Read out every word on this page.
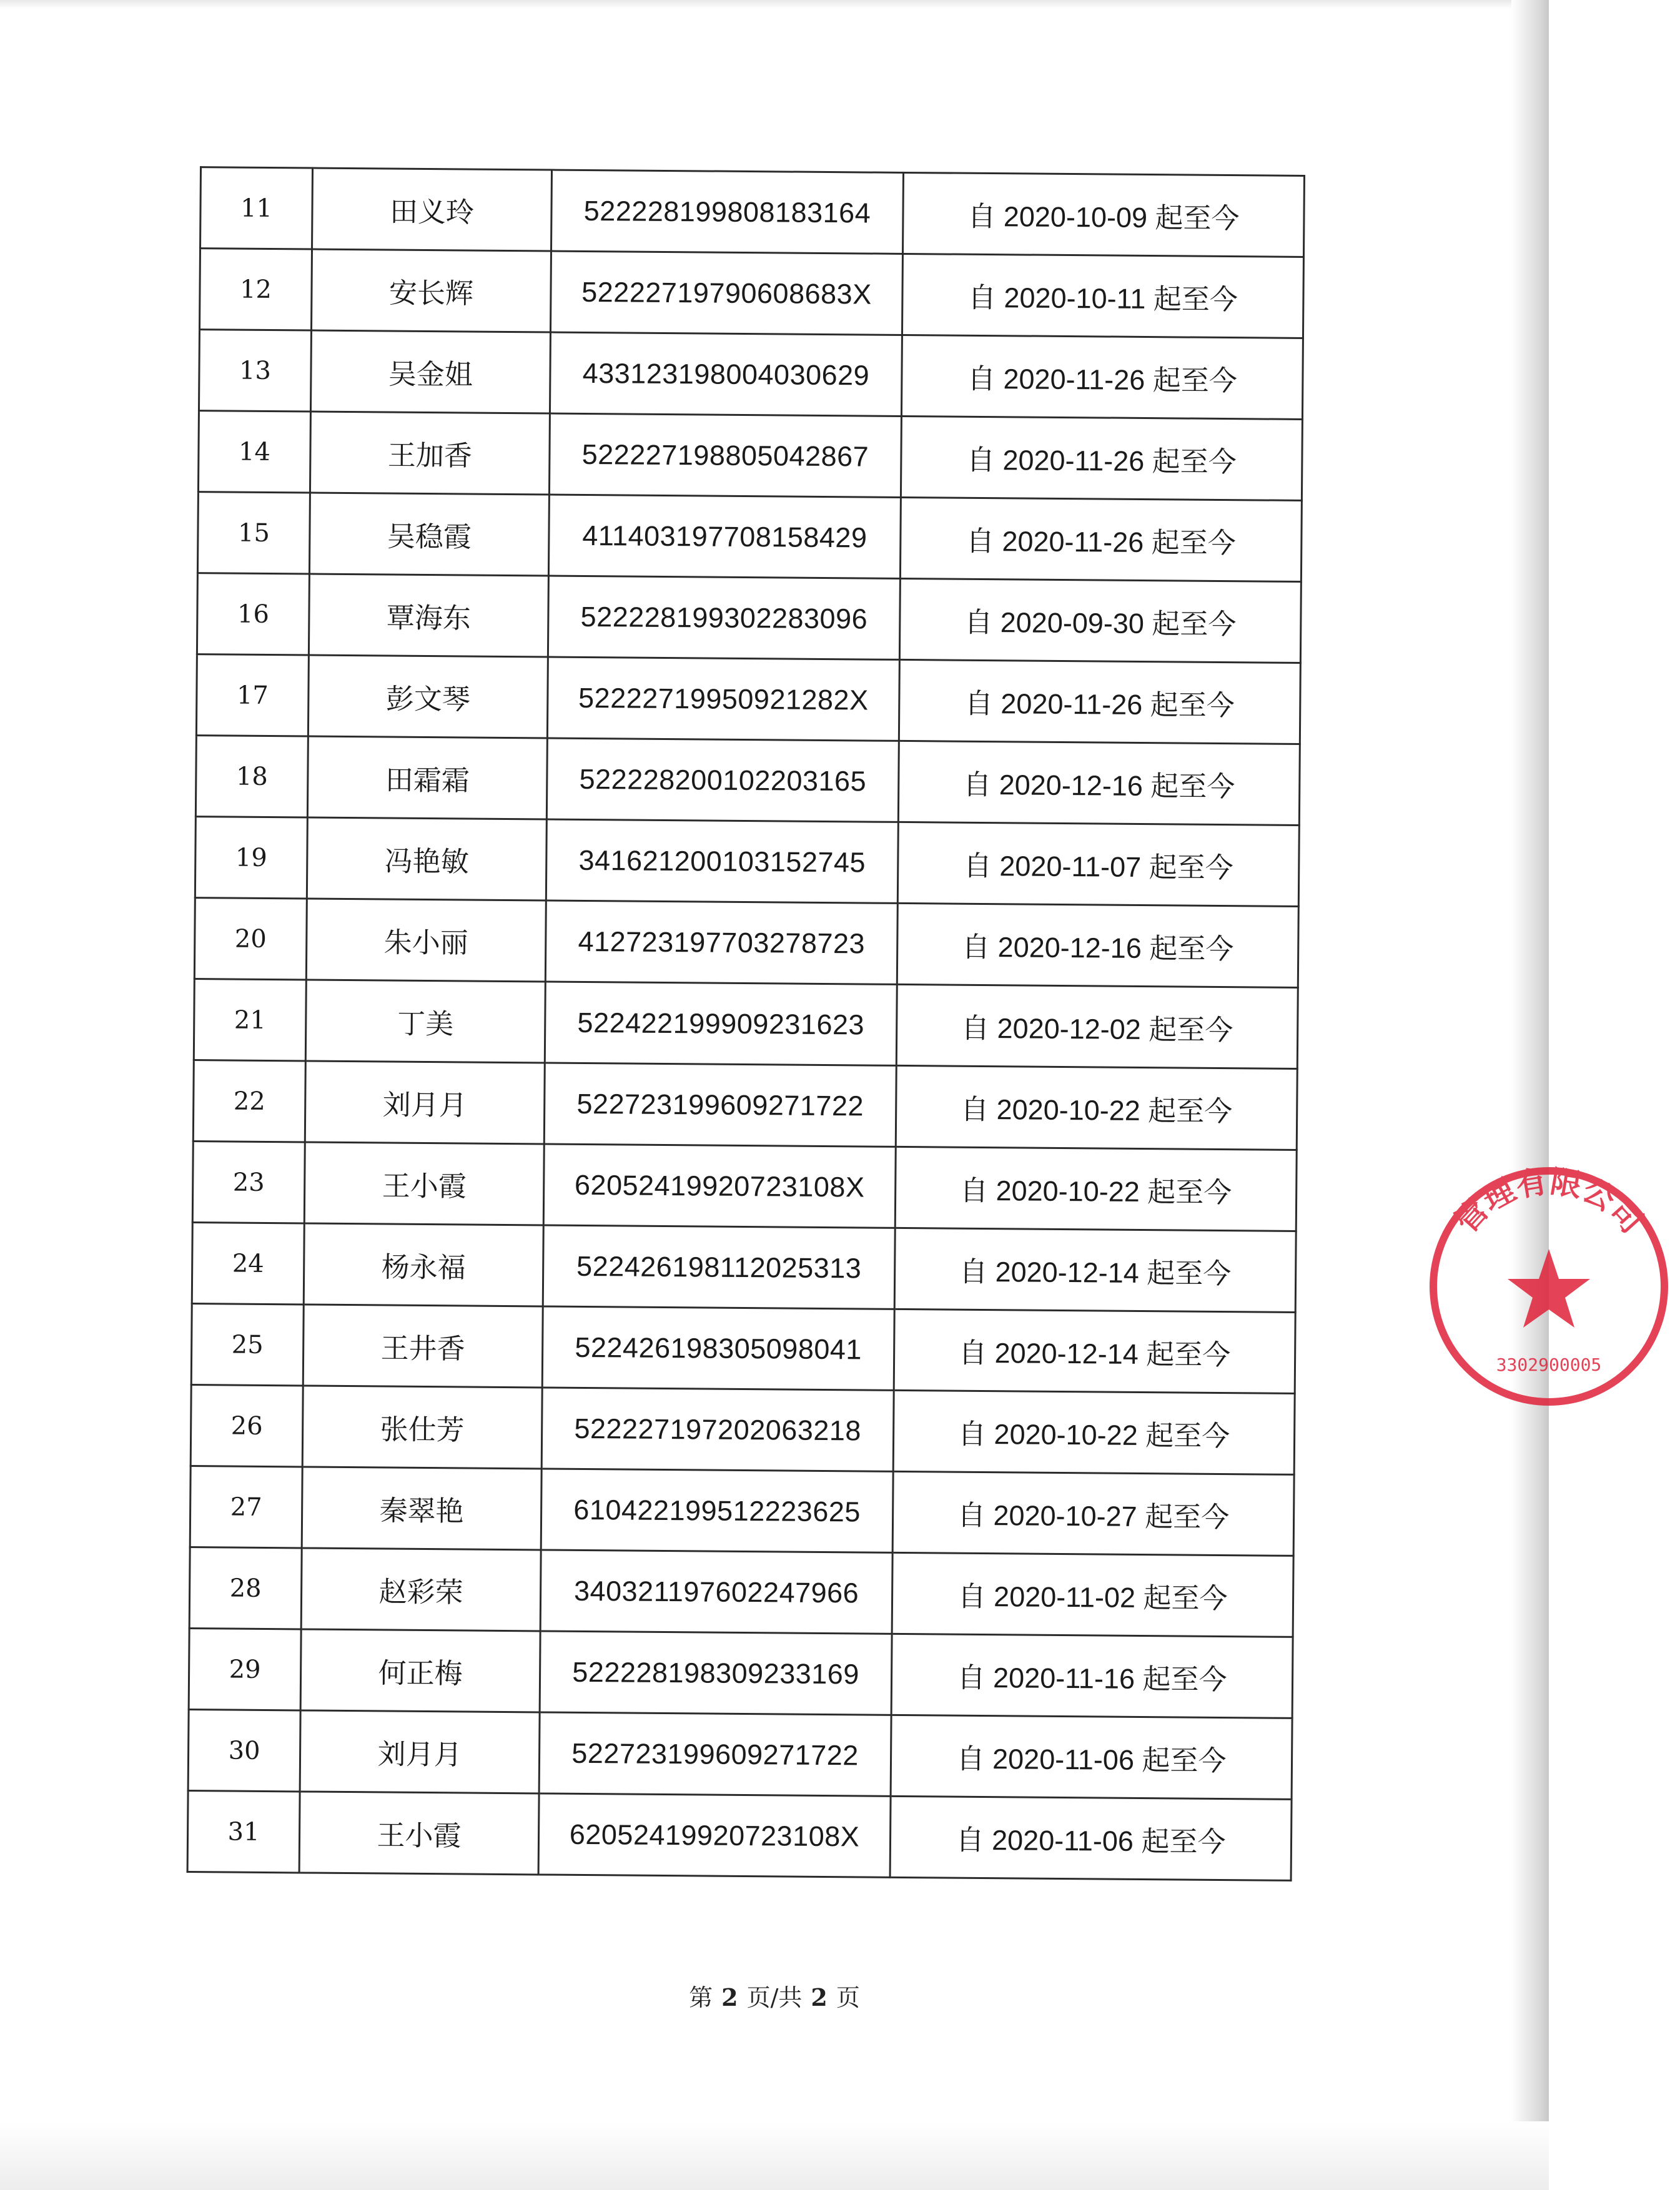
11	田义玲	522228199808183164	自 2020-10-09 起至今
12	安长辉	52222719790608683X	自 2020-10-11 起至今
13	吴金姐	433123198004030629	自 2020-11-26 起至今
14	王加香	522227198805042867	自 2020-11-26 起至今
15	吴稳霞	411403197708158429	自 2020-11-26 起至今
16	覃海东	522228199302283096	自 2020-09-30 起至今
17	彭文琴	52222719950921282X	自 2020-11-26 起至今
18	田霜霜	522228200102203165	自 2020-12-16 起至今
19	冯艳敏	341621200103152745	自 2020-11-07 起至今
20	朱小丽	412723197703278723	自 2020-12-16 起至今
21	丁美	522422199909231623	自 2020-12-02 起至今
22	刘月月	522723199609271722	自 2020-10-22 起至今
23	王小霞	62052419920723108X	自 2020-10-22 起至今
24	杨永福	522426198112025313	自 2020-12-14 起至今
25	王井香	522426198305098041	自 2020-12-14 起至今
26	张仕芳	522227197202063218	自 2020-10-22 起至今
27	秦翠艳	610422199512223625	自 2020-10-27 起至今
28	赵彩荣	340321197602247966	自 2020-11-02 起至今
29	何正梅	522228198309233169	自 2020-11-16 起至今
30	刘月月	522723199609271722	自 2020-11-06 起至今
31	王小霞	62052419920723108X	自 2020-11-06 起至今
第 2 页/共 2 页
管理有限公司
3302900005
